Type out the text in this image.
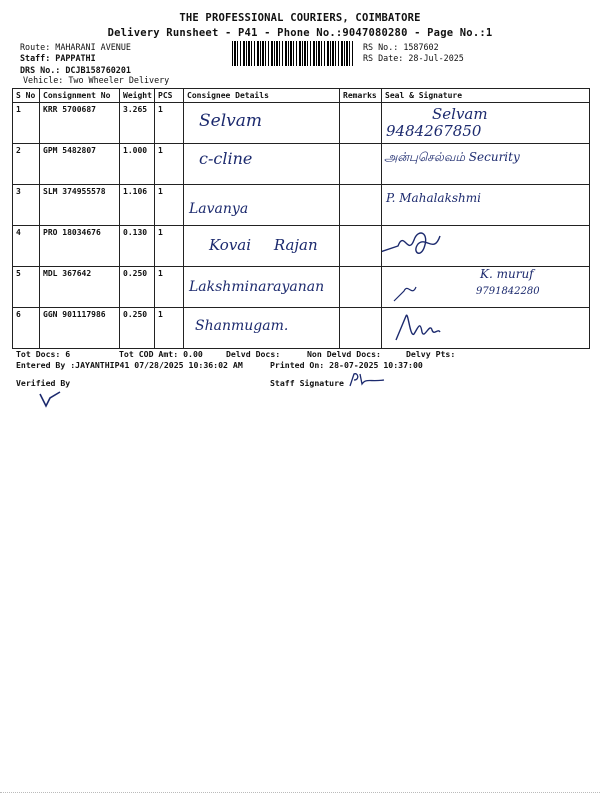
THE PROFESSIONAL COURIERS, COIMBATORE
Delivery Runsheet - P41 - Phone No.:9047080280 - Page No.:1
Route: MAHARANI AVENUE
Staff: PAPPATHI
DRS No.: DCJB158760201
Vehicle: Two Wheeler Delivery
RS No.: 1587602
RS Date: 28-Jul-2025
S No	Consignment No	Weight	PCS	Consignee Details	Remarks	Seal & Signature
1	KRR 5700687	3.265	1	Selvam		Selvam
9484267850

2	GPM 5482807	1.000	1	c-cline		அன்புசெல்வம் Security

3	SLM 374955578	1.106	1	Lavanya		P. Mahalakshmi

4	PRO 18034676	0.130	1	Kovai Rajan		

5	MDL 367642	0.250	1	Lakshminarayanan		K. muruf
9791842280

6	GGN 901117986	0.250	1	Shanmugam.		
Tot Docs: 6	Tot COD Amt: 0.00	Delvd Docs:	Non Delvd Docs:	Delvy Pts:
Entered By :JAYANTHIP41 07/28/2025 10:36:02 AM	Printed On: 28-07-2025 10:37:00
Verified By	Staff Signature
